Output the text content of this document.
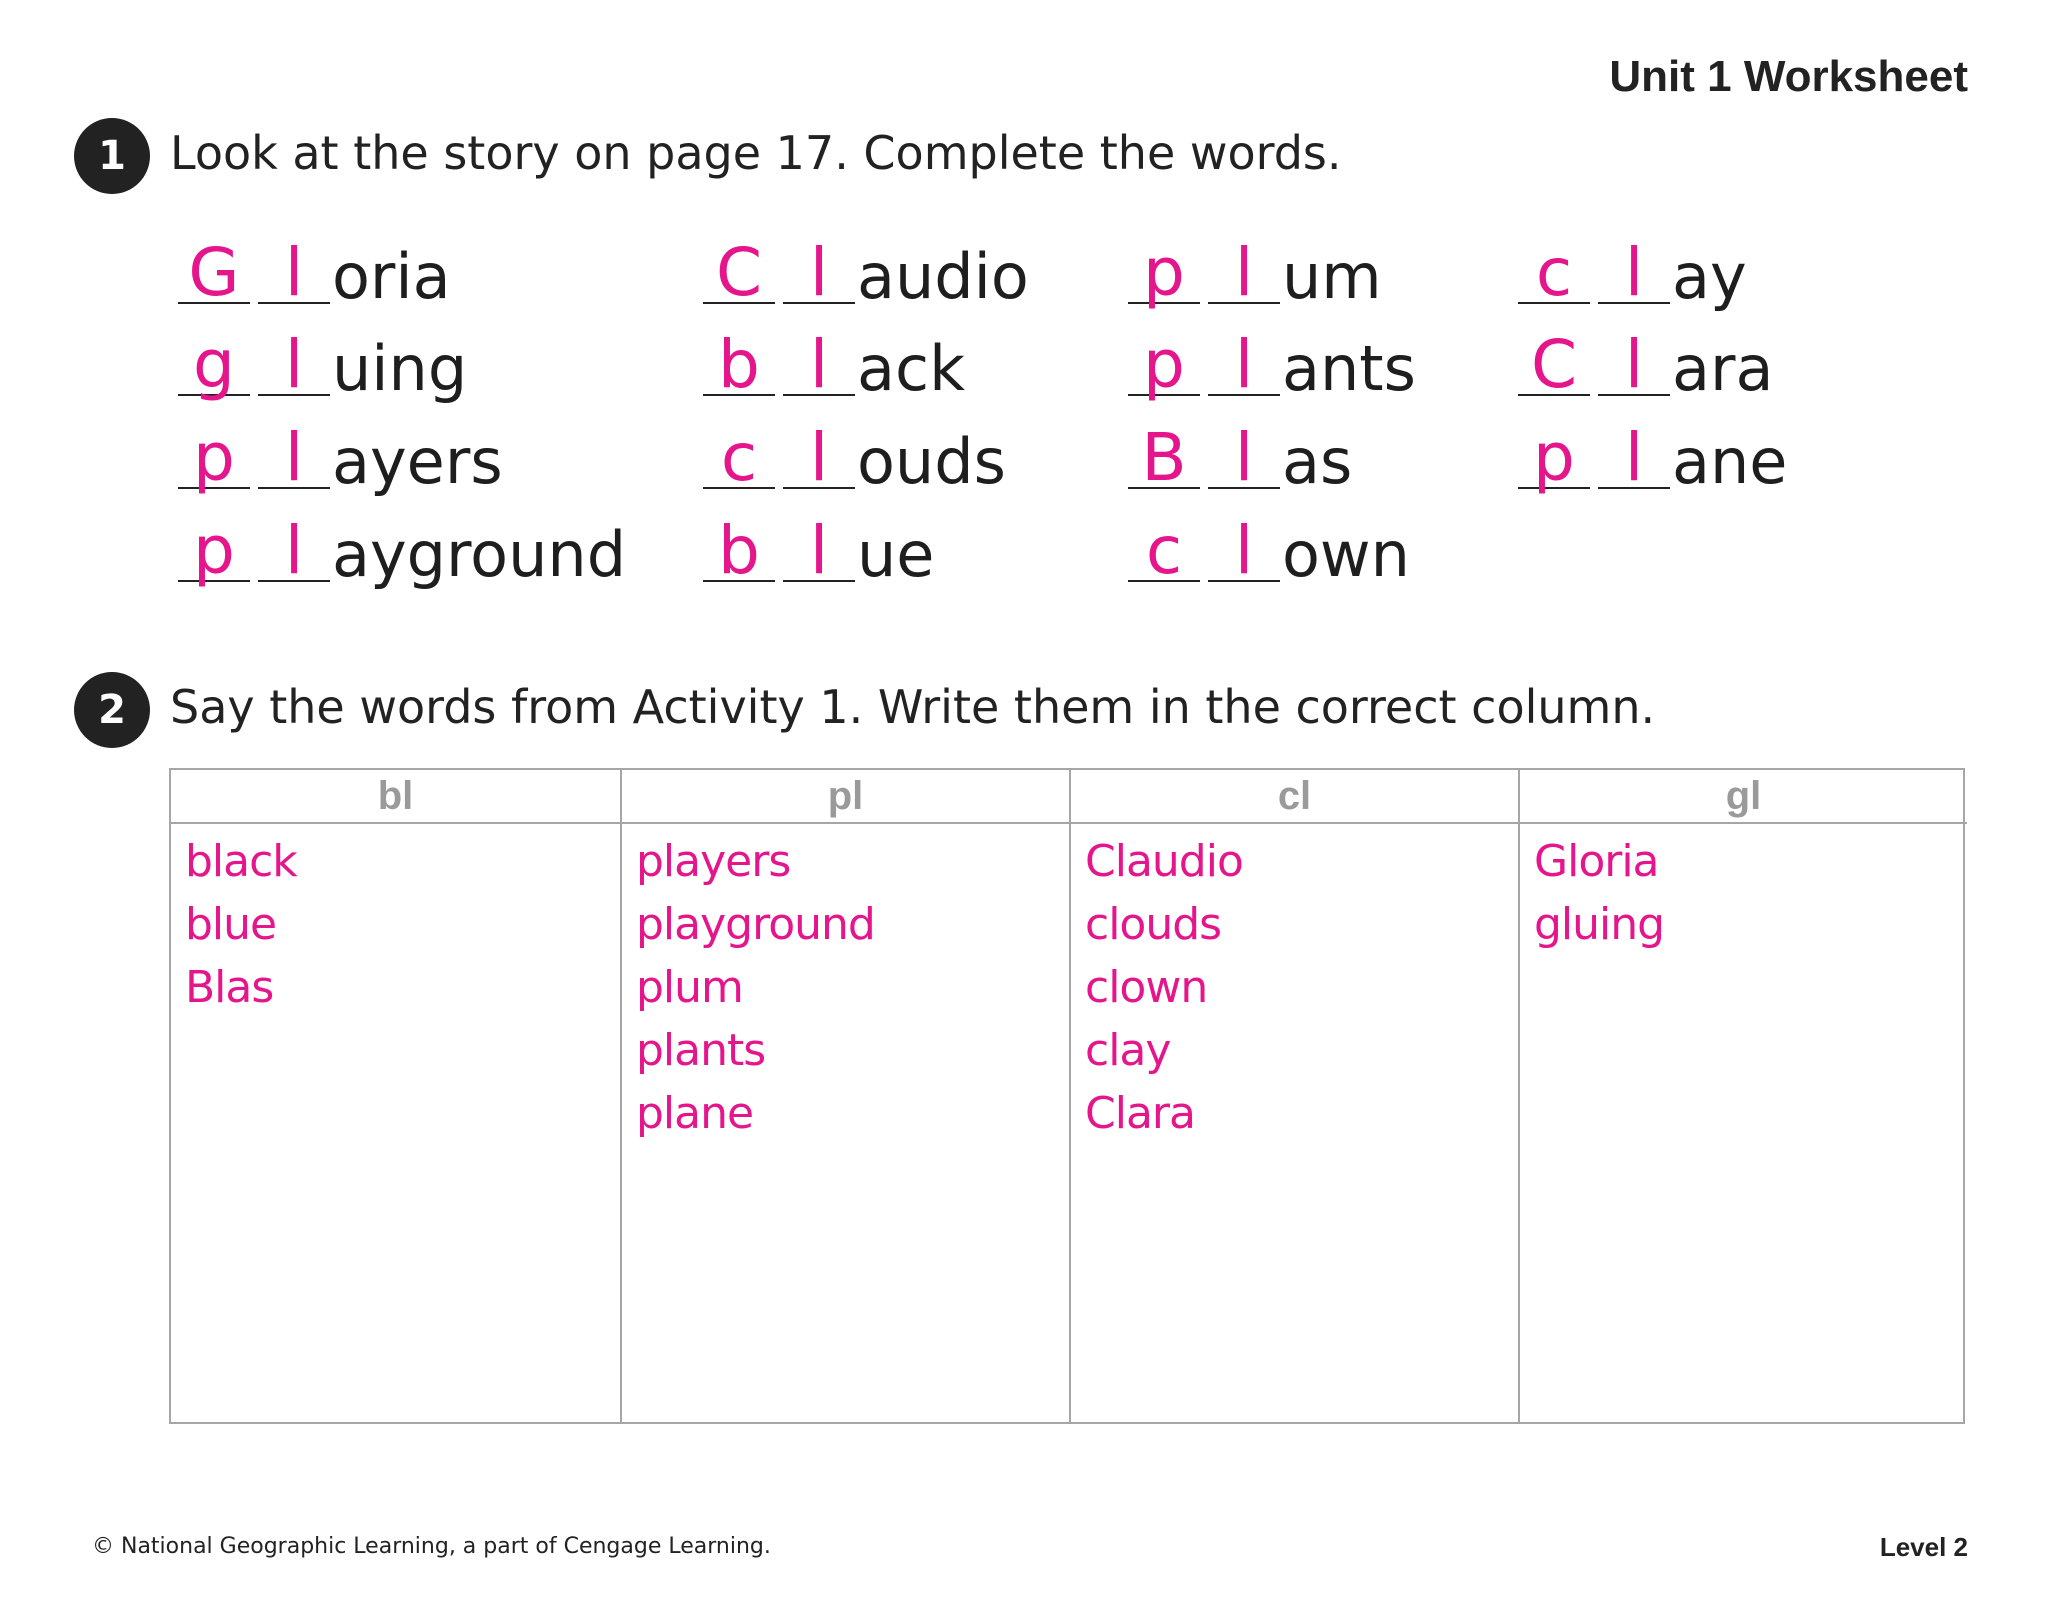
Unit 1 Worksheet
1 Look at the story on page 17. Complete the words.
G l oria
g l uing
p l ayers
p l ayground
C l audio
b l ack
c l ouds
b l ue
p l um
p l ants
B l as
c l own
c l ay
C l ara
p l ane
2 Say the words from Activity 1. Write them in the correct column.
bl
black
blue
Blas
pl
players
playground
plum
plants
plane
cl
Claudio
clouds
clown
clay
Clara
gl
Gloria
gluing
© National Geographic Learning, a part of Cengage Learning.	Level 2
